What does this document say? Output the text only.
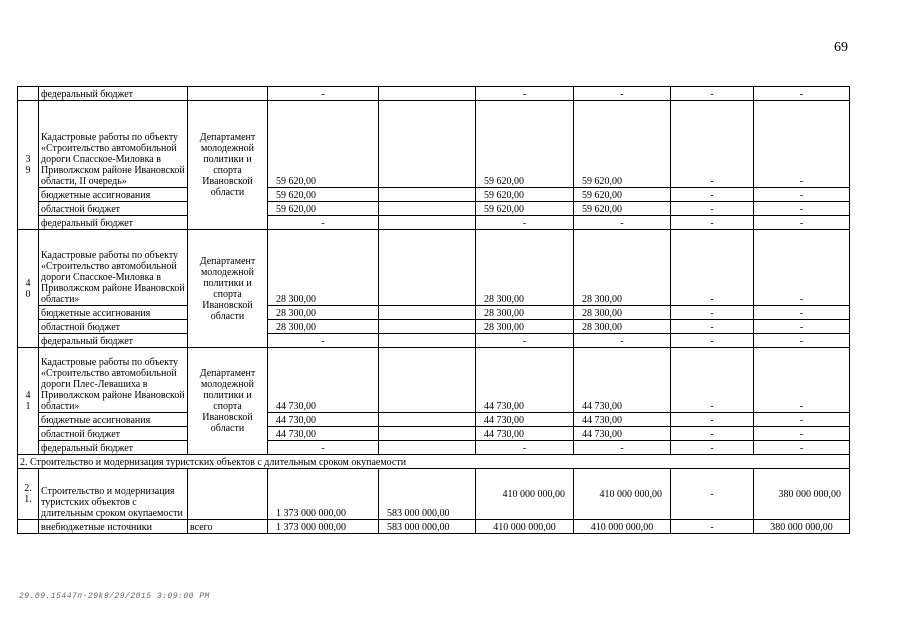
69
	федеральный бюджет		-		-	-	-	-
3
9	Кадастровые работы по объекту «Строительство автомобильной дороги Спасское-Милoвка в Приволжском районе Ивановской области, II очередь»	Департамент молодежной политики и спорта Ивановской области	59 620,00		59 620,00	59 620,00	-	-
	бюджетные ассигнования		59 620,00		59 620,00	59 620,00	-	-
	областной бюджет		59 620,00		59 620,00	59 620,00	-	-
	федеральный бюджет		-		-	-	-	-
4
0	Кадастровые работы по объекту «Строительство автомобильной дороги Спасское-Миловка в Приволжском районе Ивановской области»	Департамент молодежной политики и спорта Ивановской области	28 300,00		28 300,00	28 300,00	-	-
	бюджетные ассигнования		28 300,00		28 300,00	28 300,00	-	-
	областной бюджет		28 300,00		28 300,00	28 300,00	-	-
	федеральный бюджет		-		-	-	-	-
4
1	Кадастровые работы по объекту «Строительство автомобильной дороги Плес-Левашиха в Приволжском районе Ивановской области»	Департамент молодежной политики и спорта Ивановской области	44 730,00		44 730,00	44 730,00	-	-
	бюджетные ассигнования		44 730,00		44 730,00	44 730,00	-	-
	областной бюджет		44 730,00		44 730,00	44 730,00	-	-
	федеральный бюджет		-		-	-	-	-
2. Строительство и модернизация туристских объектов с длительным сроком окупаемости								
2.
1.	Строительство и модернизация туристских объектов с длительным сроком окупаемости		1 373 000 000,00	583 000 000,00	410 000 000,00	410 000 000,00	-	380 000 000,00
	внебюджетные источники	всего	1 373 000 000,00	583 000 000,00	410 000 000,00	410 000 000,00	-	380 000 000,00
29.09.15447п-29k9/29/2015 3:09:00 PM
